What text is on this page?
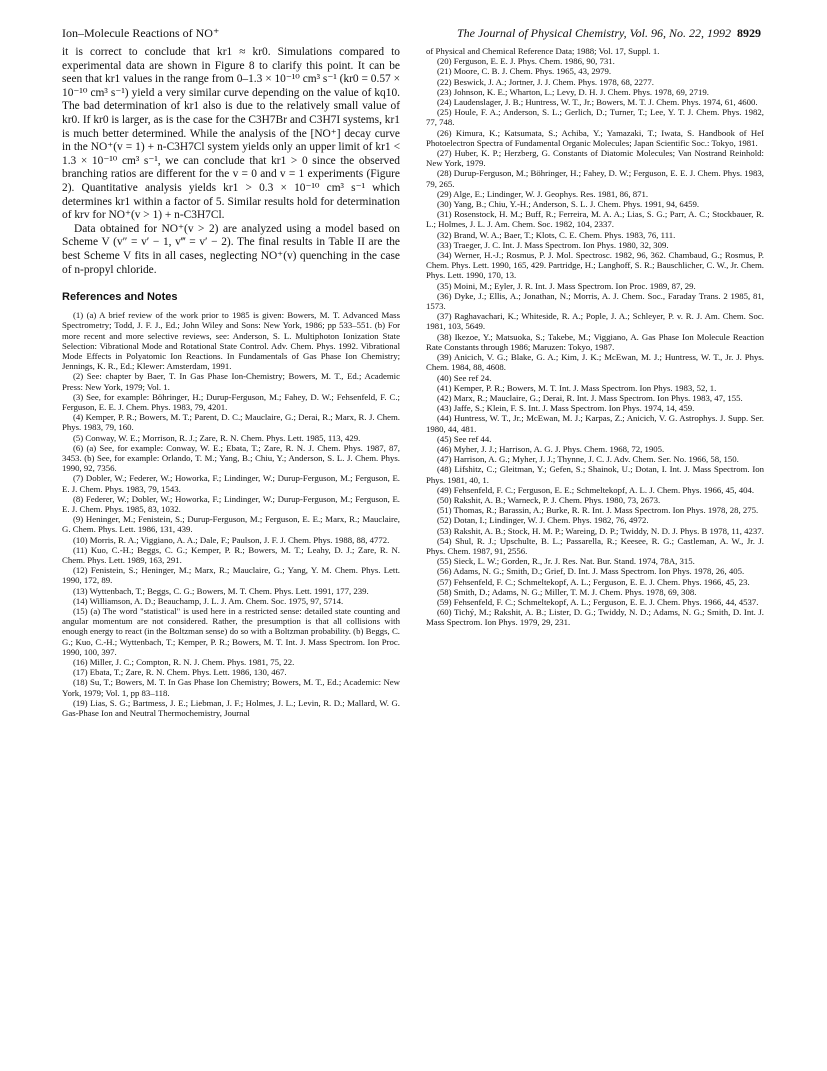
Ion–Molecule Reactions of NO⁺	The Journal of Physical Chemistry, Vol. 96, No. 22, 1992 8929

it is correct to conclude that kr1 ≈ kr0. Simulations compared to experimental data are shown in Figure 8 to clarify this point. It can be seen that kr1 values in the range from 0–1.3 × 10⁻¹⁰ cm³ s⁻¹ (kr0 = 0.57 × 10⁻¹⁰ cm³ s⁻¹) yield a very similar curve depending on the value of kq10. The bad determination of kr1 also is due to the relatively small value of kr0. If kr0 is larger, as is the case for the C3H7Br and C3H7I systems, kr1 is much better determined. While the analysis of the [NO⁺] decay curve in the NO⁺(v = 1) + n-C3H7Cl system yields only an upper limit of kr1 < 1.3 × 10⁻¹⁰ cm³ s⁻¹, we can conclude that kr1 > 0 since the observed branching ratios are different for the v = 0 and v = 1 experiments (Figure 2). Quantitative analysis yields kr1 > 0.3 × 10⁻¹⁰ cm³ s⁻¹ which determines kr1 within a factor of 5. Similar results hold for determination of krv for NO⁺(v > 1) + n-C3H7Cl.

Data obtained for NO⁺(v > 2) are analyzed using a model based on Scheme V (v″ = v′ − 1, v‴ = v′ − 2). The final results in Table II are the best Scheme V fits in all cases, neglecting NO⁺(v) quenching in the case of n-propyl chloride.

References and Notes

(1) (a) A brief review of the work prior to 1985 is given: Bowers, M. T. Advanced Mass Spectrometry; Todd, J. F. J., Ed.; John Wiley and Sons: New York, 1986; pp 533–551. (b) For more recent and more selective reviews, see: Anderson, S. L. Multiphoton Ionization State Selection: Vibrational Mode and Rotational State Control. Adv. Chem. Phys. 1992. Vibrational Mode Effects in Polyatomic Ion Reactions. In Fundamentals of Gas Phase Ion Chemistry; Jennings, K. R., Ed.; Klewer: Amsterdam, 1991.

(2) See: chapter by Baer, T. In Gas Phase Ion-Chemistry; Bowers, M. T., Ed.; Academic Press: New York, 1979; Vol. 1.

(3) See, for example: Böhringer, H.; Durup-Ferguson, M.; Fahey, D. W.; Fehsenfeld, F. C.; Ferguson, E. E. J. Chem. Phys. 1983, 79, 4201.

(4) Kemper, P. R.; Bowers, M. T.; Parent, D. C.; Mauclaire, G.; Derai, R.; Marx, R. J. Chem. Phys. 1983, 79, 160.

(5) Conway, W. E.; Morrison, R. J.; Zare, R. N. Chem. Phys. Lett. 1985, 113, 429.

(6) (a) See, for example: Conway, W. E.; Ebata, T.; Zare, R. N. J. Chem. Phys. 1987, 87, 3453. (b) See, for example: Orlando, T. M.; Yang, B.; Chiu, Y.; Anderson, S. L. J. Chem. Phys. 1990, 92, 7356.

(7) Dobler, W.; Federer, W.; Howorka, F.; Lindinger, W.; Durup-Ferguson, M.; Ferguson, E. E. J. Chem. Phys. 1983, 79, 1543.

(8) Federer, W.; Dobler, W.; Howorka, F.; Lindinger, W.; Durup-Ferguson, M.; Ferguson, E. E. J. Chem. Phys. 1985, 83, 1032.

(9) Heninger, M.; Fenistein, S.; Durup-Ferguson, M.; Ferguson, E. E.; Marx, R.; Mauclaire, G. Chem. Phys. Lett. 1986, 131, 439.

(10) Morris, R. A.; Viggiano, A. A.; Dale, F.; Paulson, J. F. J. Chem. Phys. 1988, 88, 4772.

(11) Kuo, C.-H.; Beggs, C. G.; Kemper, P. R.; Bowers, M. T.; Leahy, D. J.; Zare, R. N. Chem. Phys. Lett. 1989, 163, 291.

(12) Fenistein, S.; Heninger, M.; Marx, R.; Mauclaire, G.; Yang, Y. M. Chem. Phys. Lett. 1990, 172, 89.

(13) Wyttenbach, T.; Beggs, C. G.; Bowers, M. T. Chem. Phys. Lett. 1991, 177, 239.

(14) Williamson, A. D.; Beauchamp, J. L. J. Am. Chem. Soc. 1975, 97, 5714.

(15) (a) The word "statistical" is used here in a restricted sense: detailed state counting and angular momentum are not considered. Rather, the presumption is that all collisions with enough energy to react (in the Boltzman sense) do so with a Boltzman probability. (b) Beggs, C. G.; Kuo, C.-H.; Wyttenbach, T.; Kemper, P. R.; Bowers, M. T. Int. J. Mass Spectrom. Ion Proc. 1990, 100, 397.

(16) Miller, J. C.; Compton, R. N. J. Chem. Phys. 1981, 75, 22.

(17) Ebata, T.; Zare, R. N. Chem. Phys. Lett. 1986, 130, 467.

(18) Su, T.; Bowers, M. T. In Gas Phase Ion Chemistry; Bowers, M. T., Ed.; Academic: New York, 1979; Vol. 1, pp 83–118.

(19) Lias, S. G.; Bartmess, J. E.; Liebman, J. F.; Holmes, J. L.; Levin, R. D.; Mallard, W. G. Gas-Phase Ion and Neutral Thermochemistry, Journal

of Physical and Chemical Reference Data; 1988; Vol. 17, Suppl. 1.

(20) Ferguson, E. E. J. Phys. Chem. 1986, 90, 731.

(21) Moore, C. B. J. Chem. Phys. 1965, 43, 2979.

(22) Beswick, J. A.; Jortner, J. J. Chem. Phys. 1978, 68, 2277.

(23) Johnson, K. E.; Wharton, L.; Levy, D. H. J. Chem. Phys. 1978, 69, 2719.

(24) Laudenslager, J. B.; Huntress, W. T., Jr.; Bowers, M. T. J. Chem. Phys. 1974, 61, 4600.

(25) Houle, F. A.; Anderson, S. L.; Gerlich, D.; Turner, T.; Lee, Y. T. J. Chem. Phys. 1982, 77, 748.

(26) Kimura, K.; Katsumata, S.; Achiba, Y.; Yamazaki, T.; Iwata, S. Handbook of HeI Photoelectron Spectra of Fundamental Organic Molecules; Japan Scientific Soc.: Tokyo, 1981.

(27) Huber, K. P.; Herzberg, G. Constants of Diatomic Molecules; Van Nostrand Reinhold: New York, 1979.

(28) Durup-Ferguson, M.; Böhringer, H.; Fahey, D. W.; Ferguson, E. E. J. Chem. Phys. 1983, 79, 265.

(29) Alge, E.; Lindinger, W. J. Geophys. Res. 1981, 86, 871.

(30) Yang, B.; Chiu, Y.-H.; Anderson, S. L. J. Chem. Phys. 1991, 94, 6459.

(31) Rosenstock, H. M.; Buff, R.; Ferreira, M. A. A.; Lias, S. G.; Parr, A. C.; Stockbauer, R. L.; Holmes, J. L. J. Am. Chem. Soc. 1982, 104, 2337.

(32) Brand, W. A.; Baer, T.; Klots, C. E. Chem. Phys. 1983, 76, 111.

(33) Traeger, J. C. Int. J. Mass Spectrom. Ion Phys. 1980, 32, 309.

(34) Werner, H.-J.; Rosmus, P. J. Mol. Spectrosc. 1982, 96, 362. Chambaud, G.; Rosmus, P. Chem. Phys. Lett. 1990, 165, 429. Partridge, H.; Langhoff, S. R.; Bauschlicher, C. W., Jr. Chem. Phys. Lett. 1990, 170, 13.

(35) Moini, M.; Eyler, J. R. Int. J. Mass Spectrom. Ion Proc. 1989, 87, 29.

(36) Dyke, J.; Ellis, A.; Jonathan, N.; Morris, A. J. Chem. Soc., Faraday Trans. 2 1985, 81, 1573.

(37) Raghavachari, K.; Whiteside, R. A.; Pople, J. A.; Schleyer, P. v. R. J. Am. Chem. Soc. 1981, 103, 5649.

(38) Ikezoe, Y.; Matsuoka, S.; Takebe, M.; Viggiano, A. Gas Phase Ion Molecule Reaction Rate Constants through 1986; Maruzen: Tokyo, 1987.

(39) Anicich, V. G.; Blake, G. A.; Kim, J. K.; McEwan, M. J.; Huntress, W. T., Jr. J. Phys. Chem. 1984, 88, 4608.

(40) See ref 24.

(41) Kemper, P. R.; Bowers, M. T. Int. J. Mass Spectrom. Ion Phys. 1983, 52, 1.

(42) Marx, R.; Mauclaire, G.; Derai, R. Int. J. Mass Spectrom. Ion Phys. 1983, 47, 155.

(43) Jaffe, S.; Klein, F. S. Int. J. Mass Spectrom. Ion Phys. 1974, 14, 459.

(44) Huntress, W. T., Jr.; McEwan, M. J.; Karpas, Z.; Anicich, V. G. Astrophys. J. Supp. Ser. 1980, 44, 481.

(45) See ref 44.

(46) Myher, J. J.; Harrison, A. G. J. Phys. Chem. 1968, 72, 1905.

(47) Harrison, A. G.; Myher, J. J.; Thynne, J. C. J. Adv. Chem. Ser. No. 1966, 58, 150.

(48) Lifshitz, C.; Gleitman, Y.; Gefen, S.; Shainok, U.; Dotan, I. Int. J. Mass Spectrom. Ion Phys. 1981, 40, 1.

(49) Fehsenfeld, F. C.; Ferguson, E. E.; Schmeltekopf, A. L. J. Chem. Phys. 1966, 45, 404.

(50) Rakshit, A. B.; Warneck, P. J. Chem. Phys. 1980, 73, 2673.

(51) Thomas, R.; Barassin, A.; Burke, R. R. Int. J. Mass Spectrom. Ion Phys. 1978, 28, 275.

(52) Dotan, I.; Lindinger, W. J. Chem. Phys. 1982, 76, 4972.

(53) Rakshit, A. B.; Stock, H. M. P.; Wareing, D. P.; Twiddy, N. D. J. Phys. B 1978, 11, 4237.

(54) Shul, R. J.; Upschulte, B. L.; Passarella, R.; Keesee, R. G.; Castleman, A. W., Jr. J. Phys. Chem. 1987, 91, 2556.

(55) Sieck, L. W.; Gorden, R., Jr. J. Res. Nat. Bur. Stand. 1974, 78A, 315.

(56) Adams, N. G.; Smith, D.; Grief, D. Int. J. Mass Spectrom. Ion Phys. 1978, 26, 405.

(57) Fehsenfeld, F. C.; Schmeltekopf, A. L.; Ferguson, E. E. J. Chem. Phys. 1966, 45, 23.

(58) Smith, D.; Adams, N. G.; Miller, T. M. J. Chem. Phys. 1978, 69, 308.

(59) Fehsenfeld, F. C.; Schmeltekopf, A. L.; Ferguson, E. E. J. Chem. Phys. 1966, 44, 4537.

(60) Tichý, M.; Rakshit, A. B.; Lister, D. G.; Twiddy, N. D.; Adams, N. G.; Smith, D. Int. J. Mass Spectrom. Ion Phys. 1979, 29, 231.
